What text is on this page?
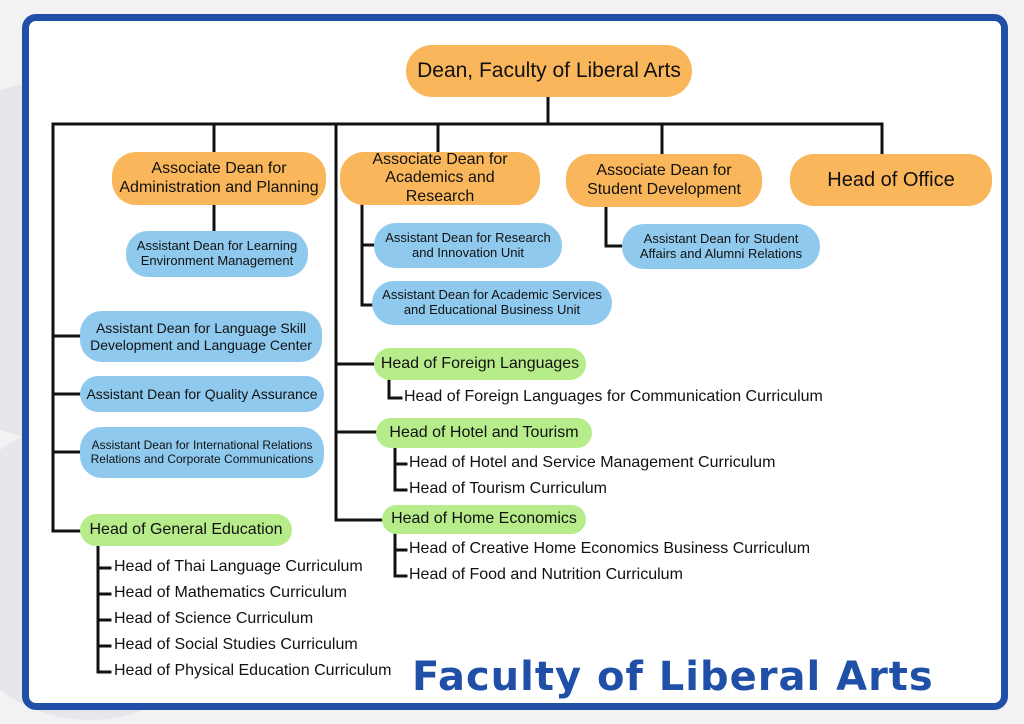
Dean, Faculty of Liberal Arts
Associate Dean for Administration and Planning
Associate Dean for Academics and Research
Associate Dean for Student Development	Head of Office
Assistant Dean for Learning Environment Management
Assistant Dean for Research and Innovation Unit
Assistant Dean for Academic Services and Educational Business Unit
Assistant Dean for Student Affairs and Alumni Relations
Assistant Dean for Language Skill Development and Language Center
Assistant Dean for Quality Assurance
Assistant Dean for International Relations Relations and Corporate Communications
Head of Foreign Languages
Head of Hotel and Tourism
Head of Home Economics
Head of General Education
Head of Foreign Languages for Communication Curriculum
Head of Hotel and Service Management Curriculum
Head of Tourism Curriculum
Head of Creative Home Economics Business Curriculum
Head of Food and Nutrition Curriculum
Head of Thai Language Curriculum
Head of Mathematics Curriculum
Head of Science Curriculum
Head of Social Studies Curriculum
Head of Physical Education Curriculum Faculty of Liberal Arts
